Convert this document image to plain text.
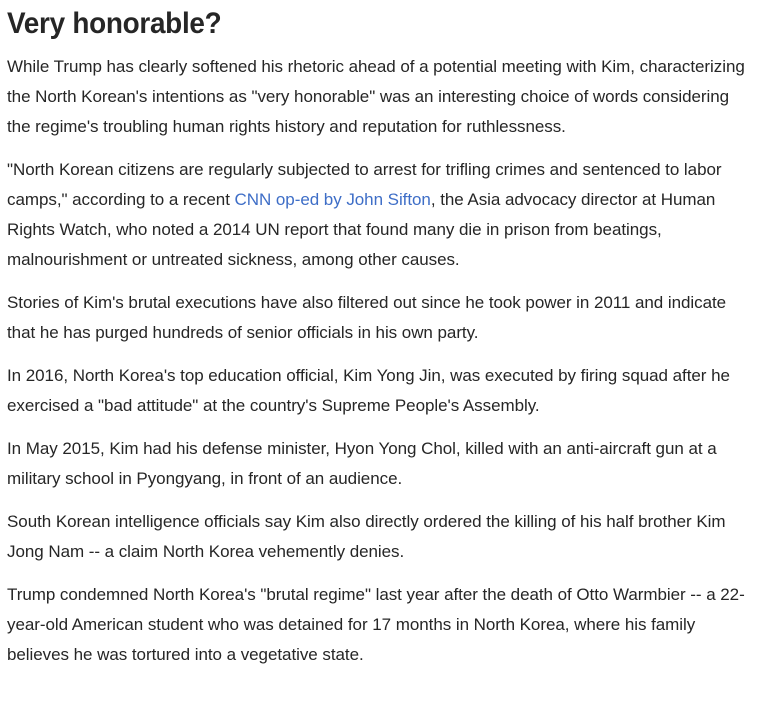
Very honorable?

While Trump has clearly softened his rhetoric ahead of a potential meeting with Kim, characterizing the North Korean's intentions as "very honorable" was an interesting choice of words considering the regime's troubling human rights history and reputation for ruthlessness.

"North Korean citizens are regularly subjected to arrest for trifling crimes and sentenced to labor camps," according to a recent CNN op-ed by John Sifton, the Asia advocacy director at Human Rights Watch, who noted a 2014 UN report that found many die in prison from beatings, malnourishment or untreated sickness, among other causes.

Stories of Kim's brutal executions have also filtered out since he took power in 2011 and indicate that he has purged hundreds of senior officials in his own party.

In 2016, North Korea's top education official, Kim Yong Jin, was executed by firing squad after he exercised a "bad attitude" at the country's Supreme People's Assembly.

In May 2015, Kim had his defense minister, Hyon Yong Chol, killed with an anti-aircraft gun at a military school in Pyongyang, in front of an audience.

South Korean intelligence officials say Kim also directly ordered the killing of his half brother Kim Jong Nam -- a claim North Korea vehemently denies.

Trump condemned North Korea's "brutal regime" last year after the death of Otto Warmbier -- a 22-year-old American student who was detained for 17 months in North Korea, where his family believes he was tortured into a vegetative state.
